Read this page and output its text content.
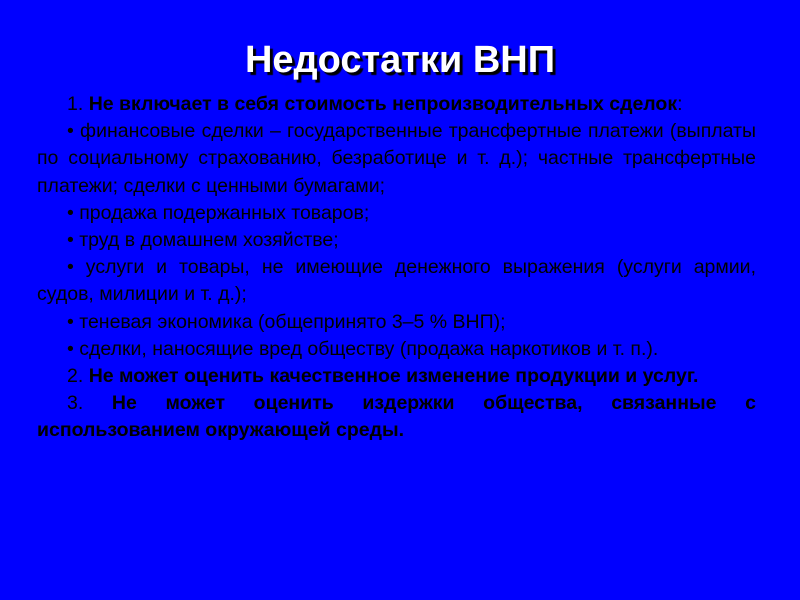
Недостатки ВНП

1. Не включает в себя стоимость непроизводительных сделок:

• финансовые сделки – государственные трансфертные платежи (выплаты по социальному страхованию, безработице и т. д.); частные трансфертные платежи; сделки с ценными бумагами;

• продажа подержанных товаров;

• труд в домашнем хозяйстве;

• услуги и товары, не имеющие денежного выражения (услуги армии, судов, милиции и т. д.);

• теневая экономика (общепринято 3–5 % ВНП);

• сделки, наносящие вред обществу (продажа наркотиков и т. п.).

2. Не может оценить качественное изменение продукции и услуг.

3. Не может оценить издержки общества, связанные с использованием окружающей среды.
